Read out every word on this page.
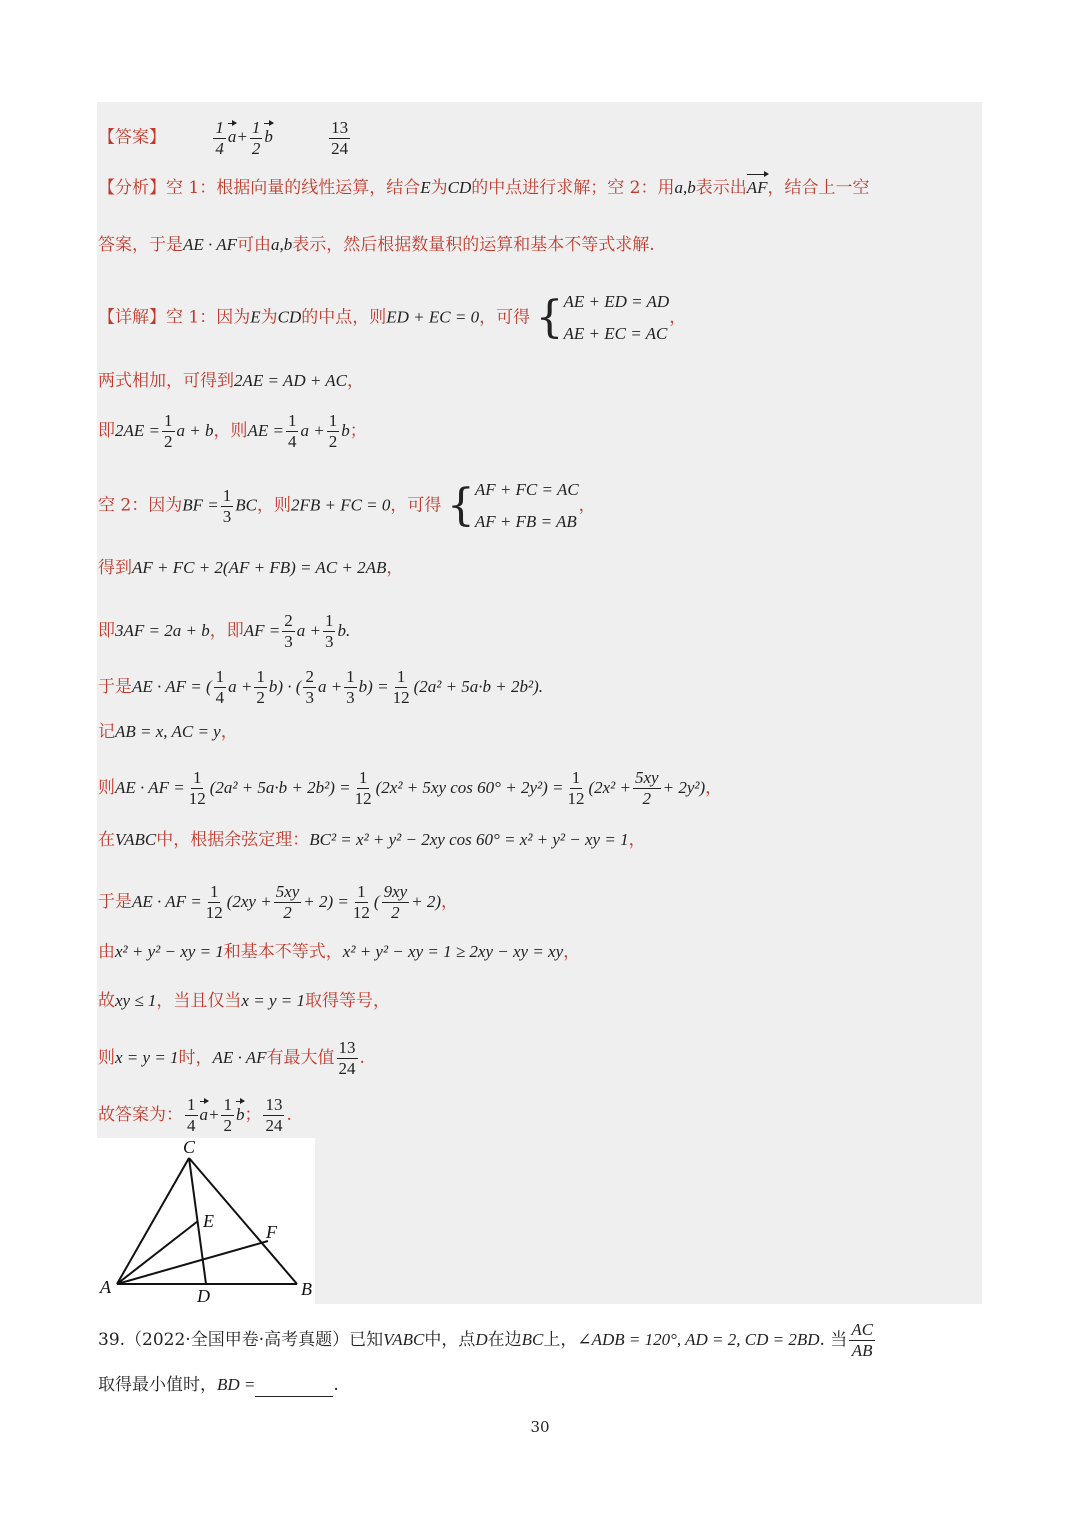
【答案】	$\frac{1}{4} a+ \frac{1}{2}$ b	$\frac{13}{24}$
【分析】空 1：根据向量的线性运算，结合E为CD的中点进行求解；空 2：用a,b表示出AF，结合上一空
答案，于是AE · AF可由a,b表示，然后根据数量积的运算和基本不等式求解.
【详解】空 1：因为E为CD的中点，则ED + EC = 0，可得 { AE + ED = AD
AE + EC = AC
，
两式相加，可得到2AE = AD + AC，
即$2AE = \frac{1}{2}$ a + b，则AE = $\frac{1}{4}$ $a + \frac{1}{2}$ b；
空 2：因为BF = $\frac{1}{3}$ BC，则2FB + FC = 0，可得 { AF + FC = AC
AF + FB = AB
，
得到AF + FC + 2(AF + FB) = AC + 2AB，
即3AF = 2a + b，即AF = $\frac{2}{3}$ $a + \frac{1}{3} b$.
于是AE · AF = ( $\frac{1}{4}$ $a + \frac{1}{2} b$) · ( $\frac{2}{3}$ $a + \frac{1}{3} b) = \frac{1}{12} (2a^2 + 5a\cdot b + 2b^2)$.
记AB = x, AC = y，
则AE · AF = $\frac{1}{12} (2a^2 + 5a\cdot b + 2b^2) = \frac{1}{12} (2x^2 + 5xy$ $\cos 60^\circ + 2y^2) = \frac{1}{12} (2x^2 + \frac{5xy}{2} + 2y^2)$，
在VABC中，根据余弦定理：BC² = x² + y² − 2xy cos 60° = x² + y² − xy = 1，
于是AE · AF = $\frac{1}{12} (2xy + \frac{5xy}{2} + 2) = \frac{1}{12}$ ( $\frac{9xy}{2} + 2$)，
由x² + y² − xy = 1和基本不等式，x² + y² − xy = 1 ≥ 2xy − xy = xy，
故xy ≤ 1，当且仅当x = y = 1取得等号，
则x = y = 1时，AE · AF有最大值 $\frac{13}{24}$ .
故答案为： $\frac{1}{4} a+ \frac{1}{2}$ b； $\frac{13}{24}$ .
C
E
F
A	D	B
39.（2022·全国甲卷·高考真题）已知VABC中，点D在边BC上，∠ADB = 120°, AD = 2, CD = 2BD. 当 $\frac{AC}{AB}$
取得最小值时，BD =	.
30
